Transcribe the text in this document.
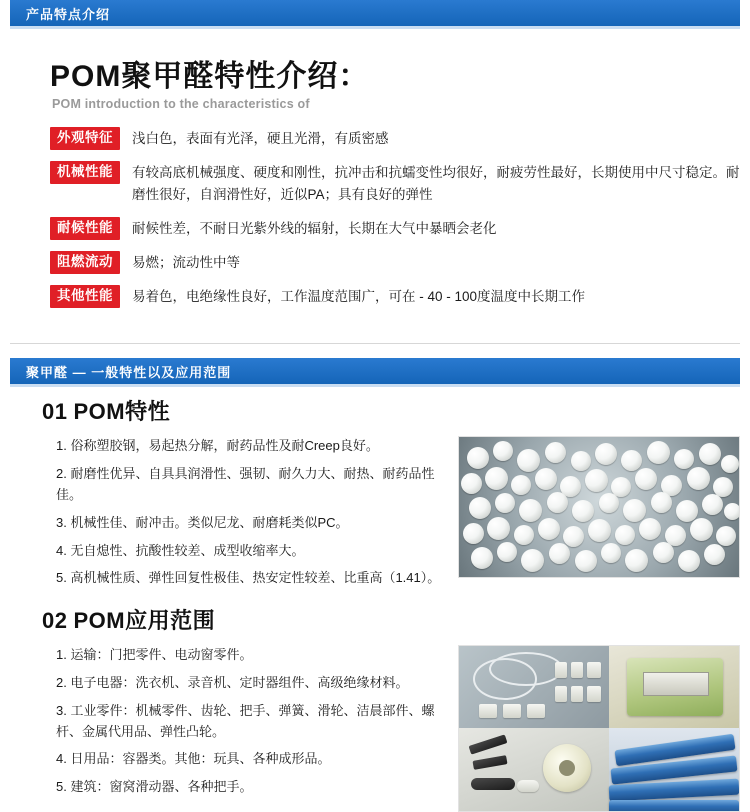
产品特点介绍
POM聚甲醛特性介绍：
POM introduction to the characteristics of
外观特征	浅白色，表面有光泽，硬且光滑，有质密感
机械性能	有较高底机械强度、硬度和刚性，抗冲击和抗蠕变性均很好，耐疲劳性最好，长期使用中尺寸稳定。耐磨性很好，自润滑性好，近似PA；具有良好的弹性
耐候性能	耐候性差，不耐日光紫外线的辐射，长期在大气中暴晒会老化
阻燃流动	易燃；流动性中等
其他性能	易着色，电绝缘性良好，工作温度范围广，可在 - 40 - 100度温度中长期工作
聚甲醛 — 一般特性以及应用范围
01 POM特性

1. 俗称塑胶钢，易起热分解，耐药品性及耐Creep良好。

2. 耐磨性优异、自具具润滑性、强韧、耐久力大、耐热、耐药品性佳。

3. 机械性佳、耐冲击。类似尼龙、耐磨耗类似PC。

4. 无自熄性、抗酸性较差、成型收缩率大。

5. 高机械性质、弹性回复性极佳、热安定性较差、比重高（1.41）。

02 POM应用范围

1. 运输：门把零件、电动窗零件。

2. 电子电器：洗衣机、录音机、定时器组件、高级绝缘材料。

3. 工业零件：机械零件、齿轮、把手、弹簧、滑轮、洁晨部件、螺杆、金属代用品、弹性凸轮。

4. 日用品：容器类。其他：玩具、各种成形品。

5. 建筑：窗窝滑动器、各种把手。
